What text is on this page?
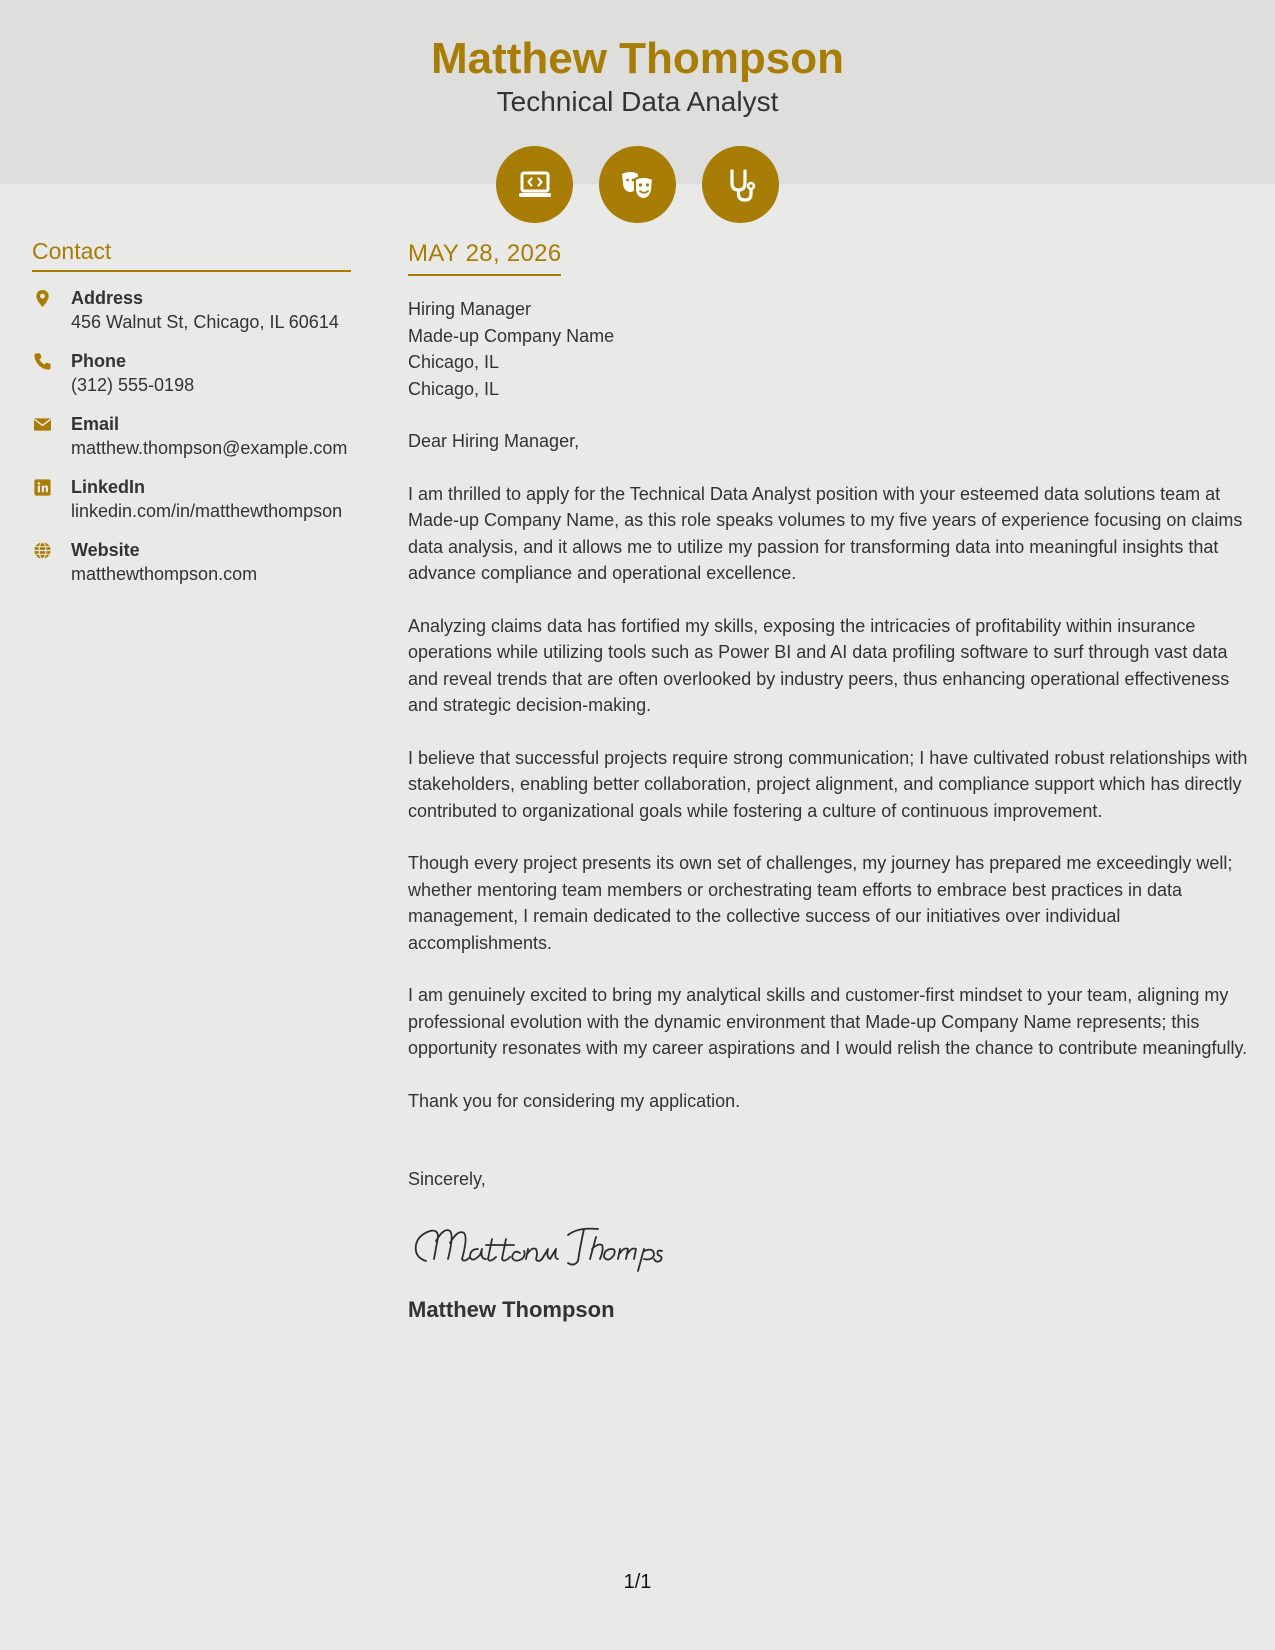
Matthew Thompson
Technical Data Analyst
Contact
Address
456 Walnut St, Chicago, IL 60614
Phone
(312) 555-0198
Email
matthew.thompson@example.com
LinkedIn
linkedin.com/in/matthewthompson
Website
matthewthompson.com
MAY 28, 2026
Hiring Manager
Made-up Company Name
Chicago, IL
Chicago, IL
Dear Hiring Manager,

I am thrilled to apply for the Technical Data Analyst position with your esteemed data solutions team at Made-up Company Name, as this role speaks volumes to my five years of experience focusing on claims data analysis, and it allows me to utilize my passion for transforming data into meaningful insights that advance compliance and operational excellence.

Analyzing claims data has fortified my skills, exposing the intricacies of profitability within insurance operations while utilizing tools such as Power BI and AI data profiling software to surf through vast data and reveal trends that are often overlooked by industry peers, thus enhancing operational effectiveness and strategic decision-making.

I believe that successful projects require strong communication; I have cultivated robust relationships with stakeholders, enabling better collaboration, project alignment, and compliance support which has directly contributed to organizational goals while fostering a culture of continuous improvement.

Though every project presents its own set of challenges, my journey has prepared me exceedingly well; whether mentoring team members or orchestrating team efforts to embrace best practices in data management, I remain dedicated to the collective success of our initiatives over individual accomplishments.

I am genuinely excited to bring my analytical skills and customer-first mindset to your team, aligning my professional evolution with the dynamic environment that Made-up Company Name represents; this opportunity resonates with my career aspirations and I would relish the chance to contribute meaningfully.

Thank you for considering my application.

Sincerely,
Matthew Thompson
1/1
